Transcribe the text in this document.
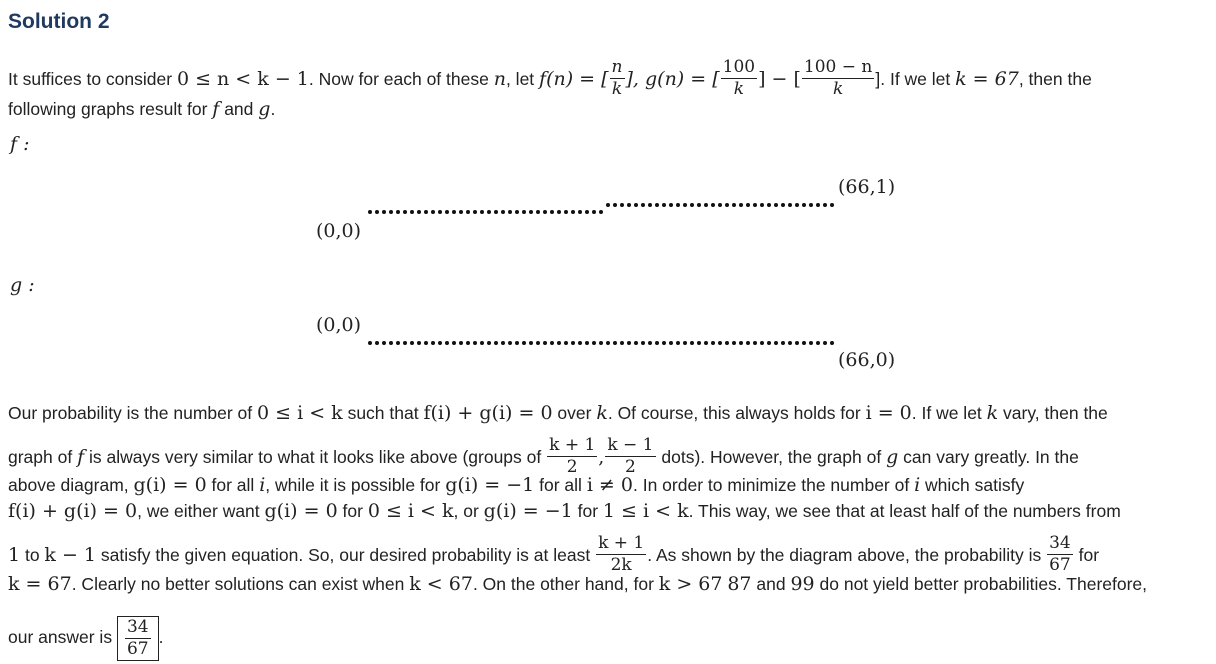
Solution 2
It suffices to consider 0 ≤ n < k − 1. Now for each of these n, let f(n) = [ $\frac{n}{k}$ ], g(n) = [ $\frac{100}{k}$ ] − [ $\frac{100 - n}{k}$ ]. If we let k = 67, then the
following graphs result for f and g.
f :
(0,0)
(66,1)
g :
(0,0)
(66,0)
Our probability is the number of 0 ≤ i < k such that f(i) + g(i) = 0 over k. Of course, this always holds for i = 0. If we let k vary, then the
graph of f is always very similar to what it looks like above (groups of $\frac{k + 1}{2}$ , $\frac{k - 1}{2}$ dots). However, the graph of g can vary greatly. In the
above diagram, g(i) = 0 for all i, while it is possible for g(i) = −1 for all i ≠ 0. In order to minimize the number of i which satisfy
f(i) + g(i) = 0, we either want g(i) = 0 for 0 ≤ i < k, or g(i) = −1 for 1 ≤ i < k. This way, we see that at least half of the numbers from
1 to k − 1 satisfy the given equation. So, our desired probability is at least $\frac{k + 1}{2k}$ . As shown by the diagram above, the probability is $\frac{34}{67}$ for
k = 67. Clearly no better solutions can exist when k < 67. On the other hand, for k > 67 87 and 99 do not yield better probabilities. Therefore,
our answer is $\frac{34}{67}$ .
